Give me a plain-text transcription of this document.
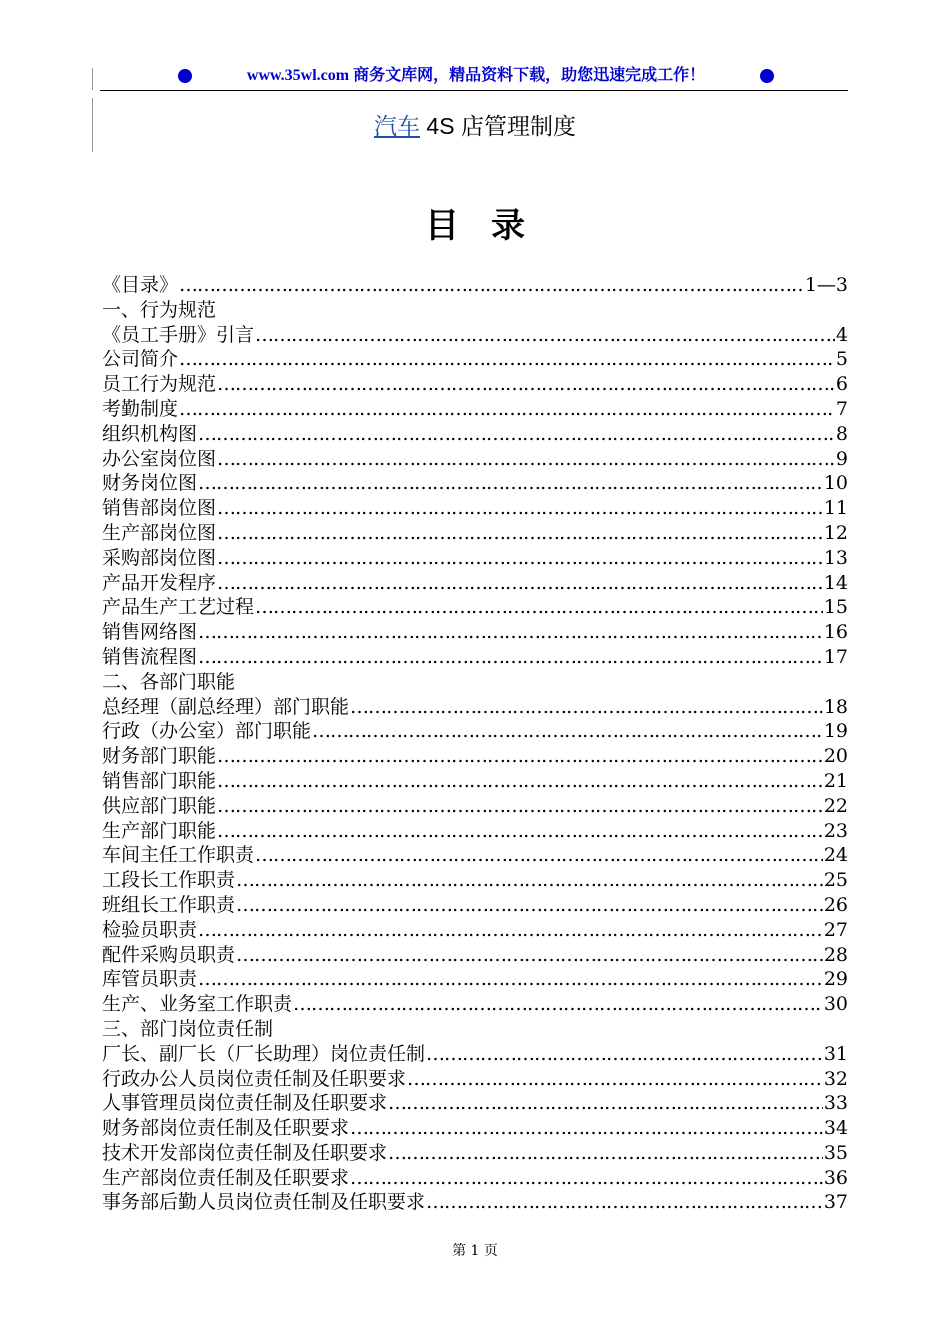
www.35wl.com 商务文库网，精品资料下载，助您迅速完成工作！
汽车 4S 店管理制度
目录
《目录》 ……………………………………………………………………………………………………………………………………………………	1—3
一、行为规范
《员工手册》引言 ……………………………………………………………………………………………………………………………………………………	4
公司简介 ……………………………………………………………………………………………………………………………………………………	5
员工行为规范 ……………………………………………………………………………………………………………………………………………………	6
考勤制度 ……………………………………………………………………………………………………………………………………………………	7
组织机构图 ……………………………………………………………………………………………………………………………………………………	8
办公室岗位图 ……………………………………………………………………………………………………………………………………………………	9
财务岗位图 ……………………………………………………………………………………………………………………………………………………	10
销售部岗位图 ……………………………………………………………………………………………………………………………………………………	11
生产部岗位图 ……………………………………………………………………………………………………………………………………………………	12
采购部岗位图 ……………………………………………………………………………………………………………………………………………………	13
产品开发程序 ……………………………………………………………………………………………………………………………………………………	14
产品生产工艺过程 ……………………………………………………………………………………………………………………………………………………	15
销售网络图 ……………………………………………………………………………………………………………………………………………………	16
销售流程图 ……………………………………………………………………………………………………………………………………………………	17
二、各部门职能
总经理（副总经理）部门职能 ……………………………………………………………………………………………………………………………………………………	18
行政（办公室）部门职能 ……………………………………………………………………………………………………………………………………………………	19
财务部门职能 ……………………………………………………………………………………………………………………………………………………	20
销售部门职能 ……………………………………………………………………………………………………………………………………………………	21
供应部门职能 ……………………………………………………………………………………………………………………………………………………	22
生产部门职能 ……………………………………………………………………………………………………………………………………………………	23
车间主任工作职责 ……………………………………………………………………………………………………………………………………………………	24
工段长工作职责 ……………………………………………………………………………………………………………………………………………………	25
班组长工作职责 ……………………………………………………………………………………………………………………………………………………	26
检验员职责 ……………………………………………………………………………………………………………………………………………………	27
配件采购员职责 ……………………………………………………………………………………………………………………………………………………	28
库管员职责 ……………………………………………………………………………………………………………………………………………………	29
生产、业务室工作职责 ……………………………………………………………………………………………………………………………………………………	30
三、部门岗位责任制
厂长、副厂长（厂长助理）岗位责任制 ……………………………………………………………………………………………………………………………………………………	31
行政办公人员岗位责任制及任职要求 ……………………………………………………………………………………………………………………………………………………	32
人事管理员岗位责任制及任职要求 ……………………………………………………………………………………………………………………………………………………	33
财务部岗位责任制及任职要求 ……………………………………………………………………………………………………………………………………………………	34
技术开发部岗位责任制及任职要求 ……………………………………………………………………………………………………………………………………………………	35
生产部岗位责任制及任职要求 ……………………………………………………………………………………………………………………………………………………	36
事务部后勤人员岗位责任制及任职要求 ……………………………………………………………………………………………………………………………………………………	37
第 1 页
